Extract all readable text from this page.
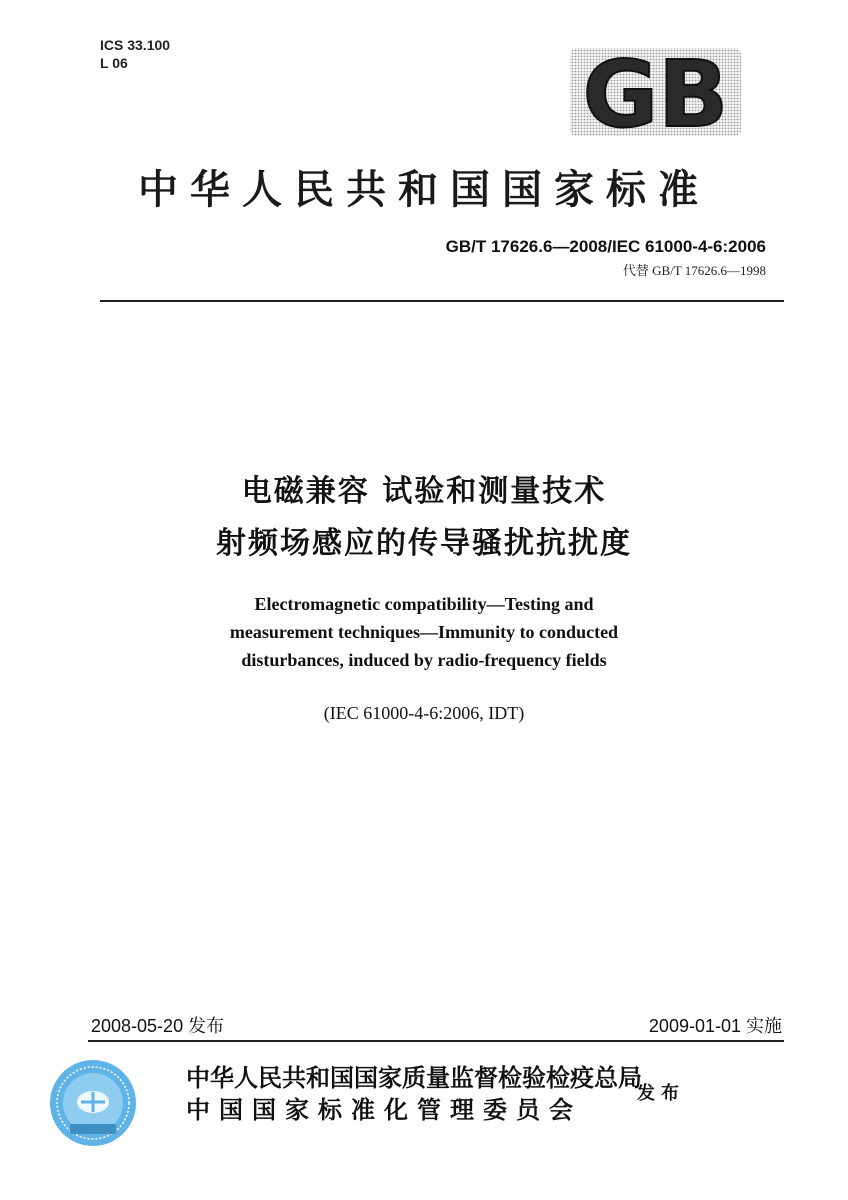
ICS 33.100
L 06	GB
中华人民共和国国家标准
GB/T 17626.6—2008/IEC 61000-4-6:2006
代替 GB/T 17626.6—1998
电磁兼容 试验和测量技术
射频场感应的传导骚扰抗扰度
Electromagnetic compatibility—Testing and
measurement techniques—Immunity to conducted
disturbances, induced by radio-frequency fields
(IEC 61000-4-6:2006, IDT)
2008-05-20 发布	2009-01-01 实施
中华人民共和国国家质量监督检验检疫总局
中国国家标准化管理委员会
发布
